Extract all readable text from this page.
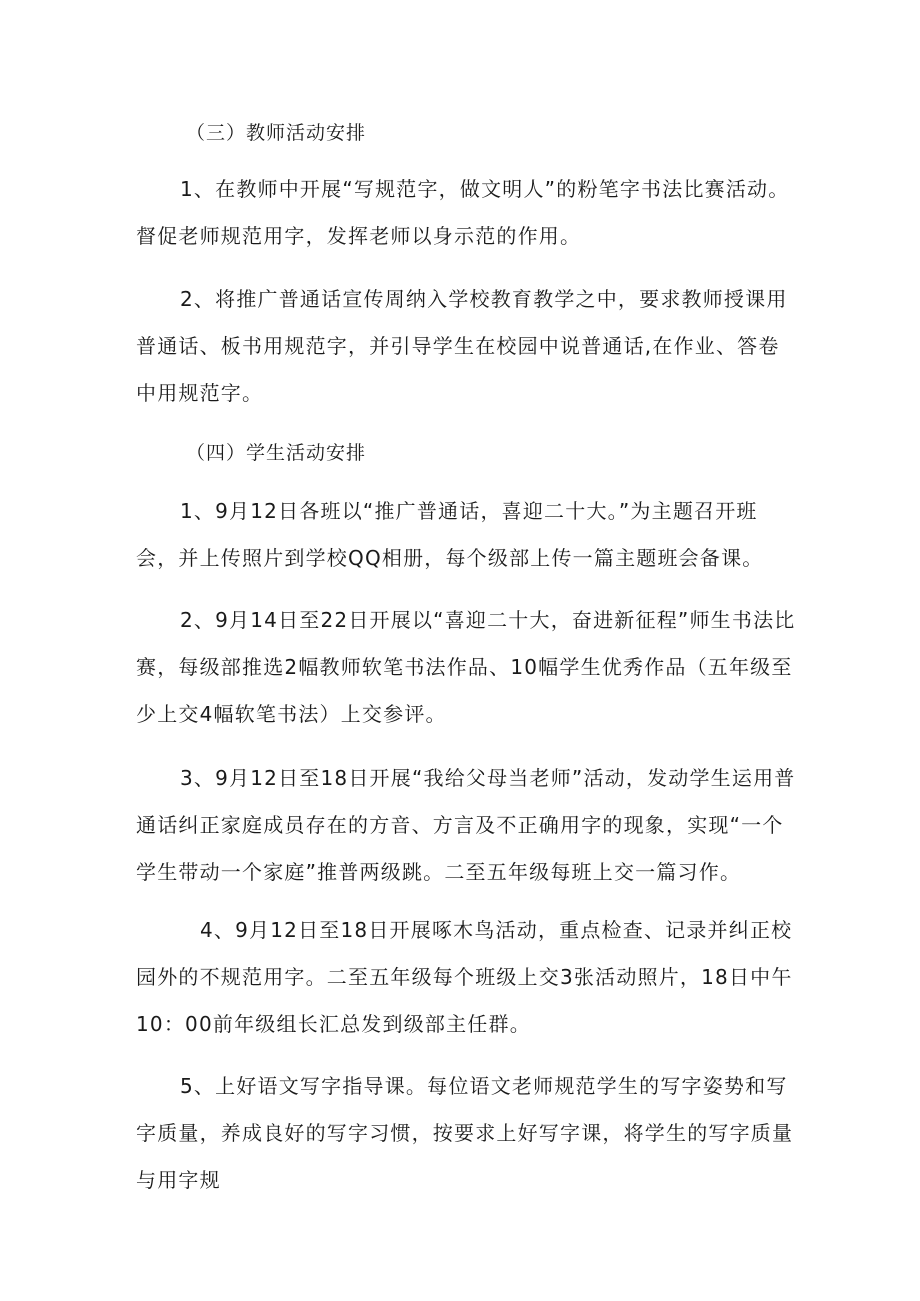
（三）教师活动安排
1、在教师中开展“写规范字，做文明人”的粉笔字书法比赛活动。督促老师规范用字，发挥老师以身示范的作用。
2、将推广普通话宣传周纳入学校教育教学之中，要求教师授课用普通话、板书用规范字，并引导学生在校园中说普通话,在作业、答卷中用规范字。
（四）学生活动安排
1、9月12日各班以“推广普通话，喜迎二十大。”为主题召开班会，并上传照片到学校QQ相册，每个级部上传一篇主题班会备课。
2、9月14日至22日开展以“喜迎二十大，奋进新征程”师生书法比赛，每级部推选2幅教师软笔书法作品、10幅学生优秀作品（五年级至少上交4幅软笔书法）上交参评。
3、9月12日至18日开展“我给父母当老师”活动，发动学生运用普通话纠正家庭成员存在的方音、方言及不正确用字的现象，实现“一个学生带动一个家庭”推普两级跳。二至五年级每班上交一篇习作。
4、9月12日至18日开展啄木鸟活动，重点检查、记录并纠正校园外的不规范用字。二至五年级每个班级上交3张活动照片，18日中午10：00前年级组长汇总发到级部主任群。
5、上好语文写字指导课。每位语文老师规范学生的写字姿势和写字质量，养成良好的写字习惯，按要求上好写字课，将学生的写字质量与用字规
